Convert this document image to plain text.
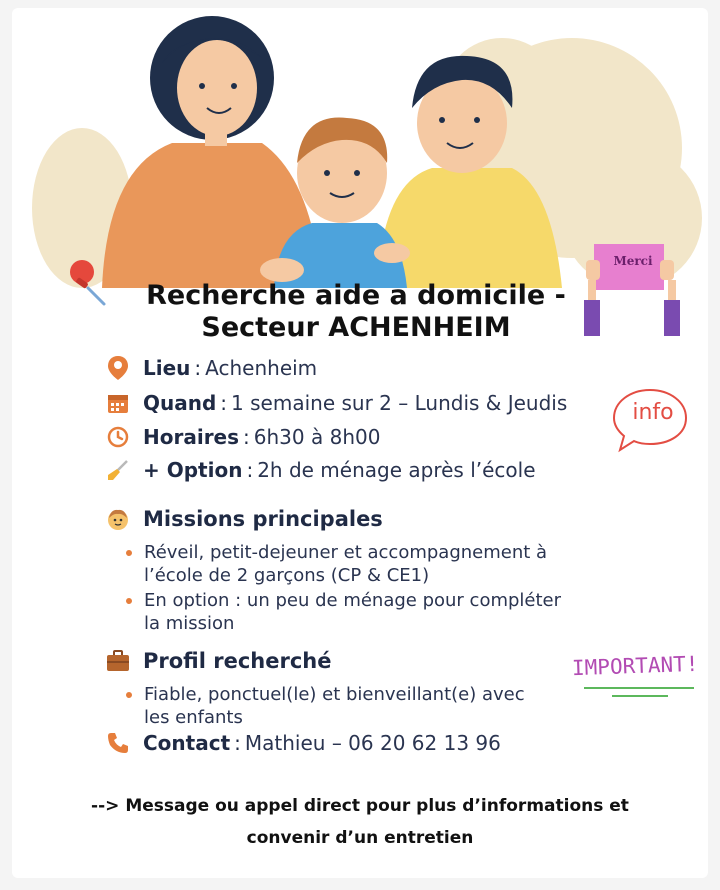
Merci
Recherche aide a domicile -
Secteur ACHENHEIM
info
Lieu : Achenheim
Quand : 1 semaine sur 2 – Lundis & Jeudis
Horaires : 6h30 à 8h00
+ Option : 2h de ménage après l’école
Missions principales
Réveil, petit-dejeuner et accompagnement à l’école de 2 garçons (CP & CE1)
En option : un peu de ménage pour compléter la mission
Profil recherché
Fiable, ponctuel(le) et bienveillant(e) avec les enfants
Contact : Mathieu – 06 20 62 13 96
IMPORTANT!
--> Message ou appel direct pour plus d’informations et
convenir d’un entretien
